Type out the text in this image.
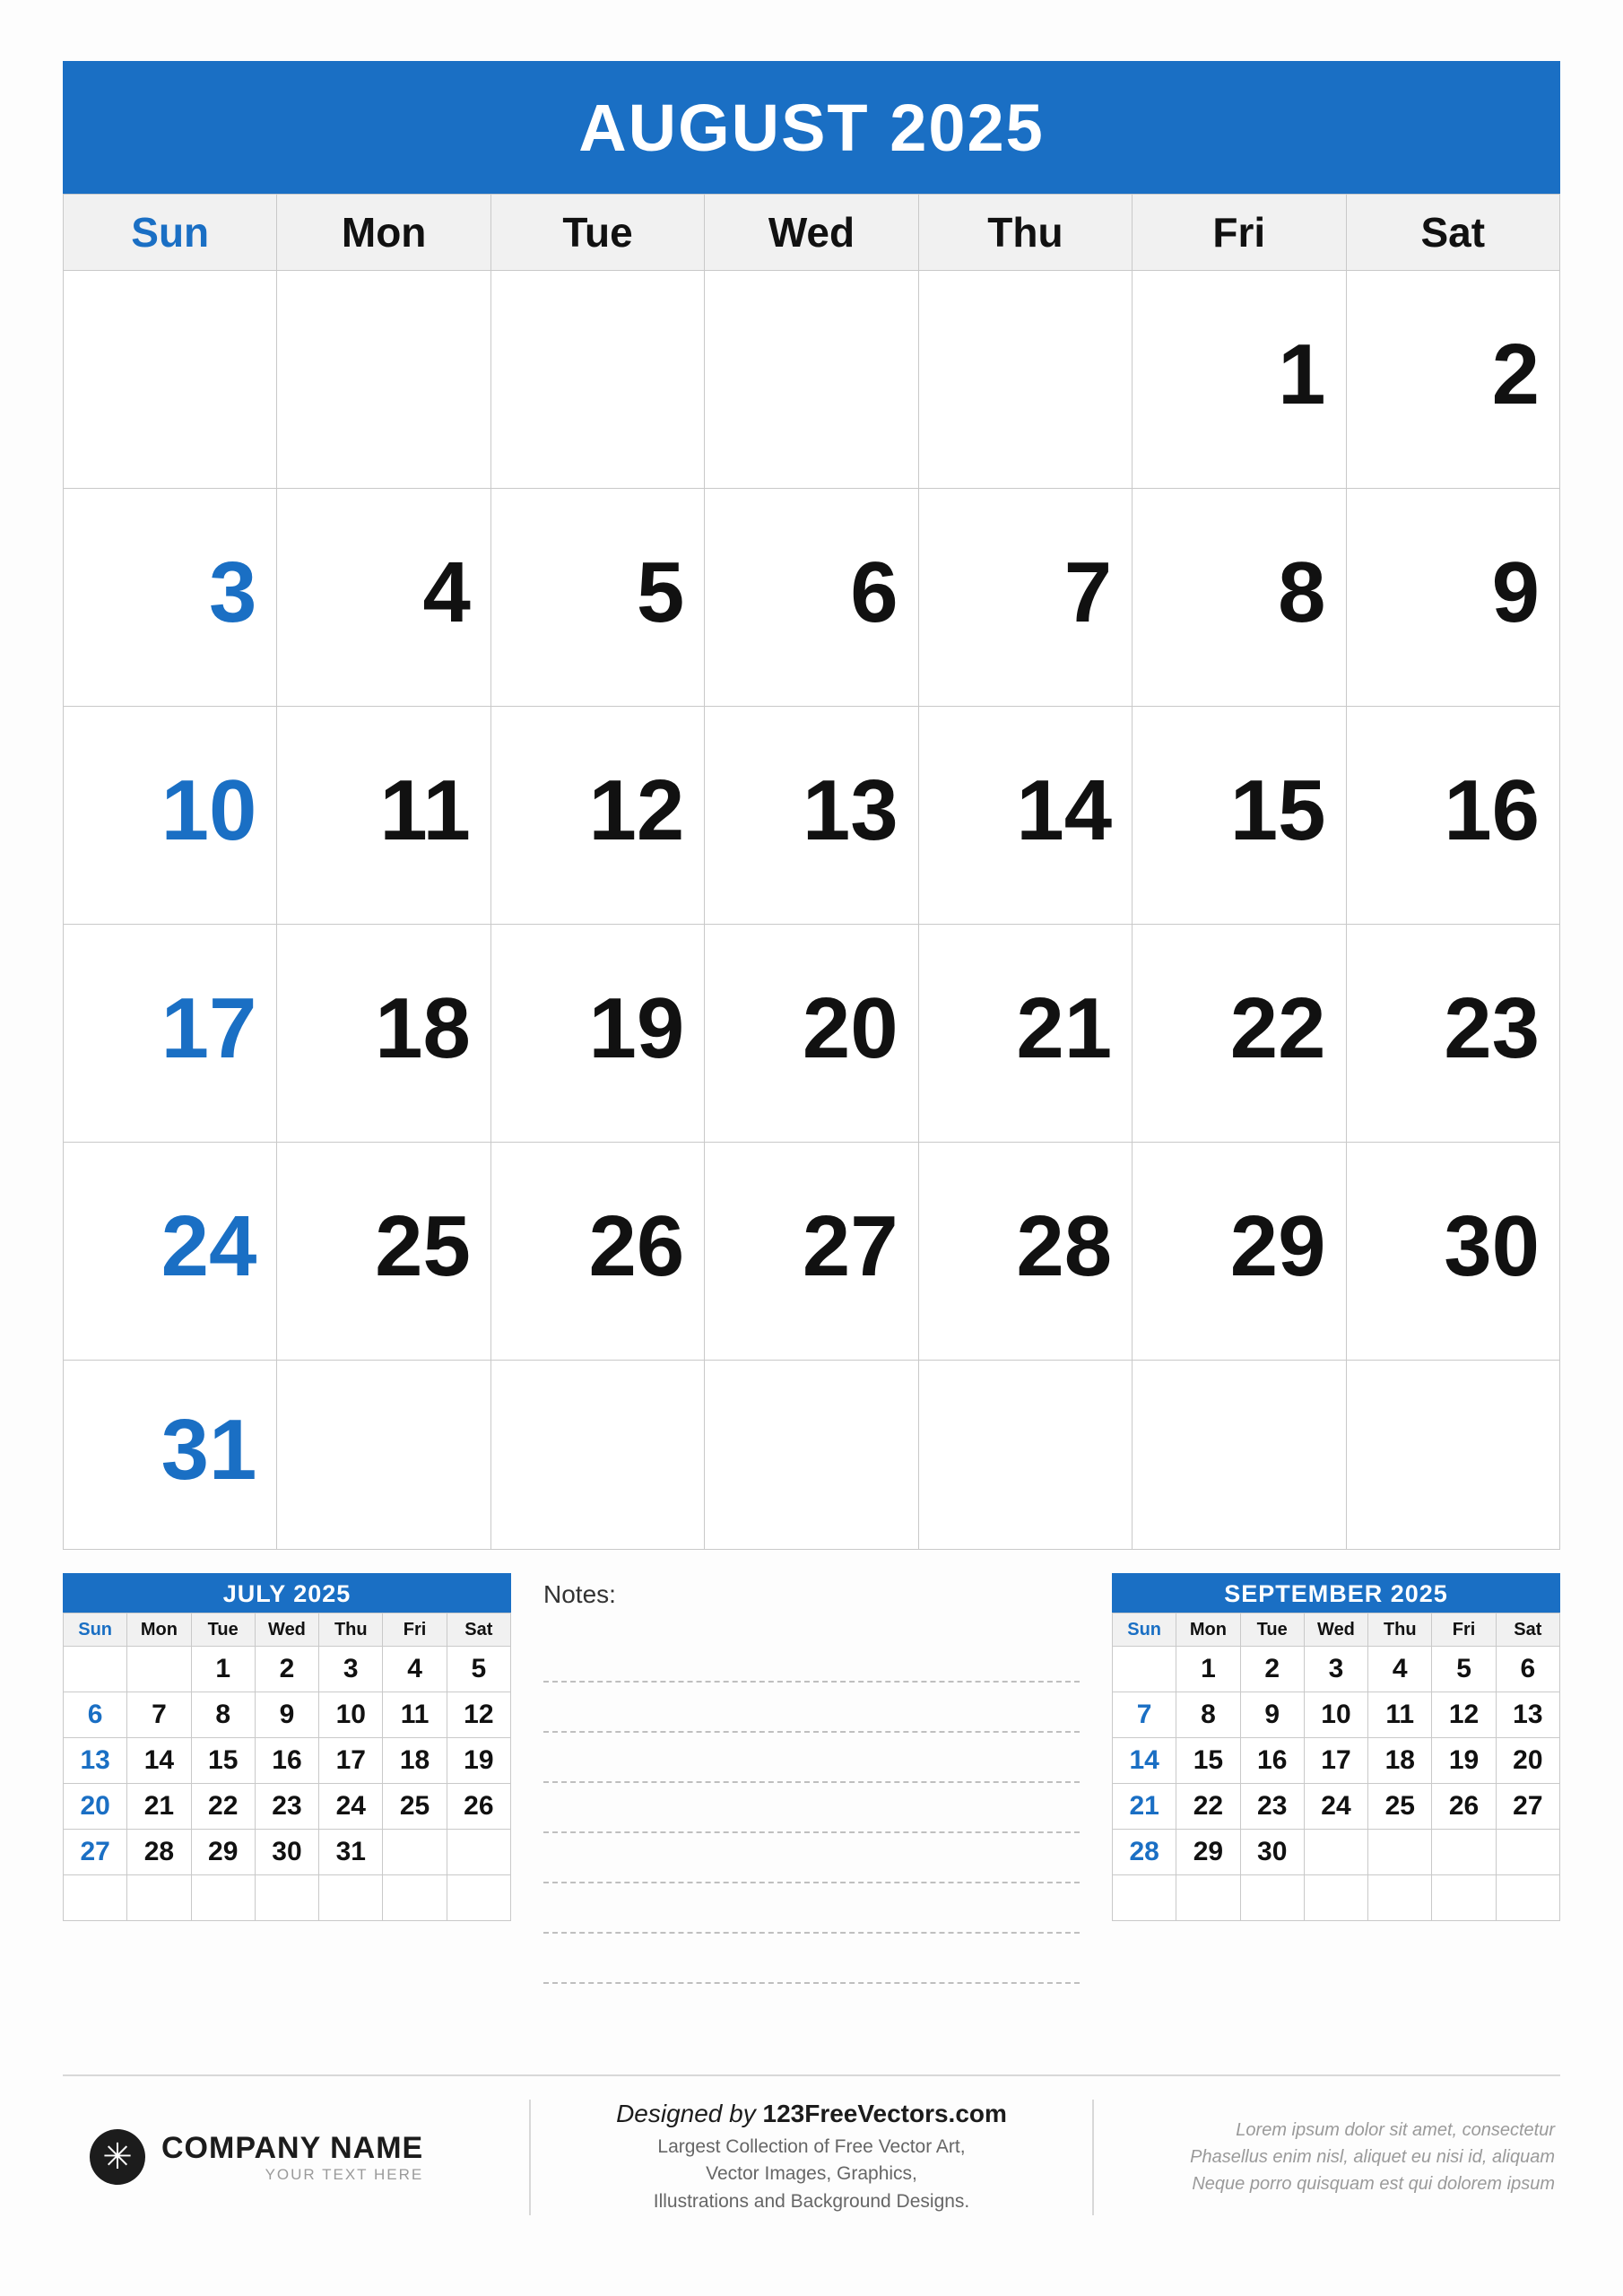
AUGUST 2025
Sun	Mon	Tue	Wed	Thu	Fri	Sat
					1	2
3	4	5	6	7	8	9
10	11	12	13	14	15	16
17	18	19	20	21	22	23
24	25	26	27	28	29	30
31						
JULY 2025
Sun	Mon	Tue	Wed	Thu	Fri	Sat
		1	2	3	4	5
6	7	8	9	10	11	12
13	14	15	16	17	18	19
20	21	22	23	24	25	26
27	28	29	30	31		

Notes:	SEPTEMBER 2025
Sun	Mon	Tue	Wed	Thu	Fri	Sat
	1	2	3	4	5	6
7	8	9	10	11	12	13
14	15	16	17	18	19	20
21	22	23	24	25	26	27
28	29	30				

✳ COMPANY NAME
YOUR TEXT HERE
Designed by 123FreeVectors.com
Largest Collection of Free Vector Art,
Vector Images, Graphics,
Illustrations and Background Designs.
Lorem ipsum dolor sit amet, consectetur
Phasellus enim nisl, aliquet eu nisi id, aliquam
Neque porro quisquam est qui dolorem ipsum
